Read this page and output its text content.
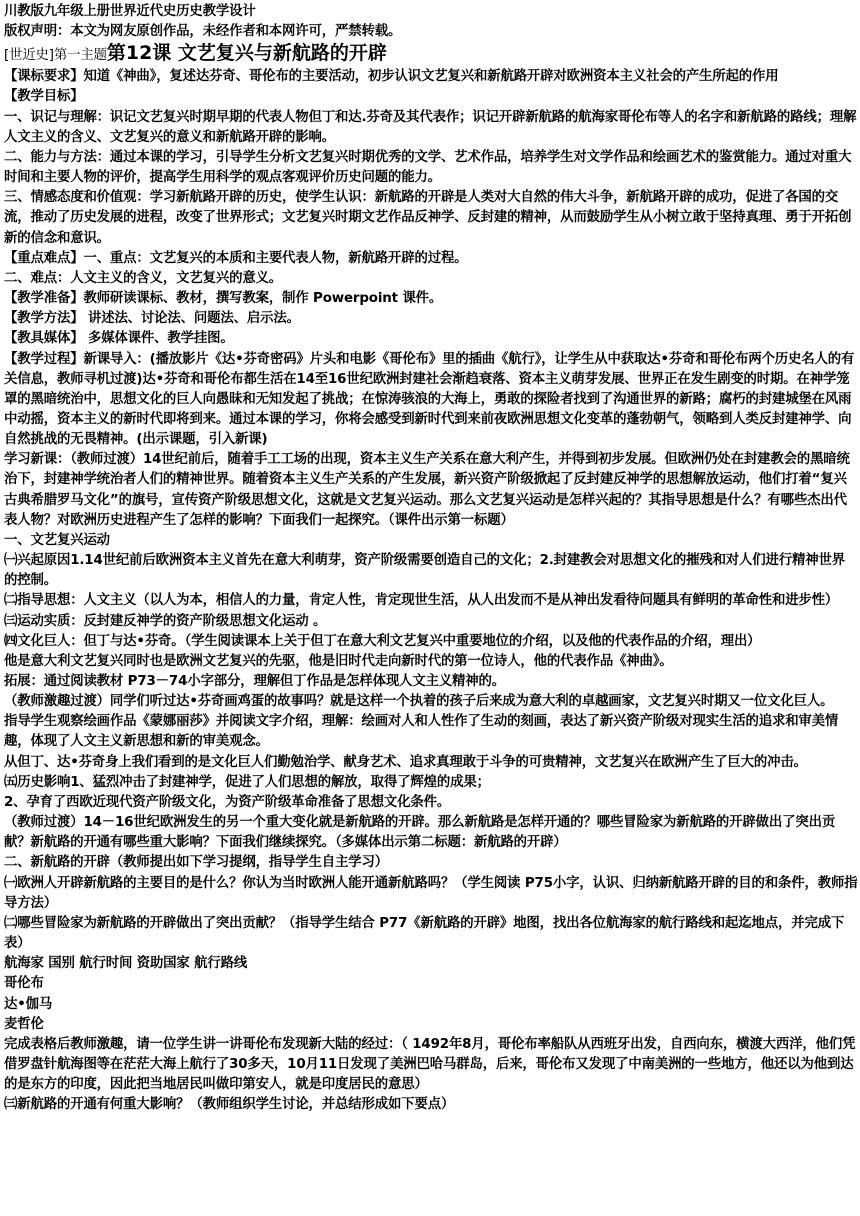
川教版九年级上册世界近代史历史教学设计
版权声明：本文为网友原创作品，未经作者和本网许可，严禁转载。
[世近史]第一主题第12课 文艺复兴与新航路的开辟
【课标要求】知道《神曲》，复述达芬奇、哥伦布的主要活动，初步认识文艺复兴和新航路开辟对欧洲资本主义社会的产生所起的作用
【教学目标】
一、识记与理解：识记文艺复兴时期早期的代表人物但丁和达.芬奇及其代表作；识记开辟新航路的航海家哥伦布等人的名字和新航路的路线；理解人文主义的含义、文艺复兴的意义和新航路开辟的影响。
二、能力与方法：通过本课的学习，引导学生分析文艺复兴时期优秀的文学、艺术作品，培养学生对文学作品和绘画艺术的鉴赏能力。通过对重大时间和主要人物的评价，提高学生用科学的观点客观评价历史问题的能力。
三、情感态度和价值观：学习新航路开辟的历史，使学生认识：新航路的开辟是人类对大自然的伟大斗争，新航路开辟的成功，促进了各国的交流，推动了历史发展的进程，改变了世界形式；文艺复兴时期文艺作品反神学、反封建的精神，从而鼓励学生从小树立敢于坚持真理、勇于开拓创新的信念和意识。
【重点难点】一、重点：文艺复兴的本质和主要代表人物，新航路开辟的过程。
二、难点：人文主义的含义，文艺复兴的意义。
【教学准备】教师研读课标、教材，撰写教案，制作 Powerpoint 课件。
【教学方法】 讲述法、讨论法、问题法、启示法。
【教具媒体】 多媒体课件、教学挂图。
【教学过程】新课导入：(播放影片《达•芬奇密码》片头和电影《哥伦布》里的插曲《航行》，让学生从中获取达•芬奇和哥伦布两个历史名人的有关信息，教师寻机过渡)达•芬奇和哥伦布都生活在14至16世纪欧洲封建社会渐趋衰落、资本主义萌芽发展、世界正在发生剧变的时期。在神学笼罩的黑暗统治中，思想文化的巨人向愚昧和无知发起了挑战；在惊涛骇浪的大海上，勇敢的探险者找到了沟通世界的新路；腐朽的封建城堡在风雨中动摇，资本主义的新时代即将到来。通过本课的学习，你将会感受到新时代到来前夜欧洲思想文化变革的蓬勃朝气，领略到人类反封建神学、向自然挑战的无畏精神。(出示课题，引入新课)
学习新课：（教师过渡）14世纪前后，随着手工工场的出现，资本主义生产关系在意大利产生，并得到初步发展。但欧洲仍处在封建教会的黑暗统治下，封建神学统治者人们的精神世界。随着资本主义生产关系的产生发展，新兴资产阶级掀起了反封建反神学的思想解放运动，他们打着“复兴古典希腊罗马文化”的旗号，宣传资产阶级思想文化，这就是文艺复兴运动。那么文艺复兴运动是怎样兴起的？其指导思想是什么？有哪些杰出代表人物？对欧洲历史进程产生了怎样的影响？下面我们一起探究。（课件出示第一标题）
一、文艺复兴运动
㈠兴起原因1.14世纪前后欧洲资本主义首先在意大利萌芽，资产阶级需要创造自己的文化；2.封建教会对思想文化的摧残和对人们进行精神世界的控制。
㈡指导思想：人文主义（以人为本，相信人的力量，肯定人性，肯定现世生活，从人出发而不是从神出发看待问题具有鲜明的革命性和进步性）
㈢运动实质：反封建反神学的资产阶级思想文化运动 。
㈣文化巨人：但丁与达•芬奇。（学生阅读课本上关于但丁在意大利文艺复兴中重要地位的介绍，以及他的代表作品的介绍，理出）
他是意大利文艺复兴同时也是欧洲文艺复兴的先驱，他是旧时代走向新时代的第一位诗人，他的代表作品《神曲》。
拓展：通过阅读教材 P73－74小字部分，理解但丁作品是怎样体现人文主义精神的。
（教师激趣过渡）同学们听过达•芬奇画鸡蛋的故事吗？就是这样一个执着的孩子后来成为意大利的卓越画家，文艺复兴时期又一位文化巨人。
指导学生观察绘画作品《蒙娜丽莎》并阅读文字介绍，理解：绘画对人和人性作了生动的刻画，表达了新兴资产阶级对现实生活的追求和审美情趣，体现了人文主义新思想和新的审美观念。
从但丁、达•芬奇身上我们看到的是文化巨人们勤勉治学、献身艺术、追求真理敢于斗争的可贵精神，文艺复兴在欧洲产生了巨大的冲击。
㈤历史影响1、猛烈冲击了封建神学，促进了人们思想的解放，取得了辉煌的成果；
2、孕育了西欧近现代资产阶级文化，为资产阶级革命准备了思想文化条件。
（教师过渡）14－16世纪欧洲发生的另一个重大变化就是新航路的开辟。那么新航路是怎样开通的？哪些冒险家为新航路的开辟做出了突出贡献？新航路的开通有哪些重大影响？下面我们继续探究。（多媒体出示第二标题：新航路的开辟）
二、新航路的开辟（教师提出如下学习提纲，指导学生自主学习）
㈠欧洲人开辟新航路的主要目的是什么？你认为当时欧洲人能开通新航路吗？（学生阅读 P75小字，认识、归纳新航路开辟的目的和条件，教师指导方法）
㈡哪些冒险家为新航路的开辟做出了突出贡献？（指导学生结合 P77《新航路的开辟》地图，找出各位航海家的航行路线和起迄地点，并完成下表）
航海家 国别 航行时间 资助国家 航行路线
哥伦布
达•伽马
麦哲伦
完成表格后教师激趣，请一位学生讲一讲哥伦布发现新大陆的经过：（ 1492年8月，哥伦布率船队从西班牙出发，自西向东，横渡大西洋，他们凭借罗盘针航海图等在茫茫大海上航行了30多天，10月11日发现了美洲巴哈马群岛，后来，哥伦布又发现了中南美洲的一些地方，他还以为他到达的是东方的印度，因此把当地居民叫做印第安人，就是印度居民的意思）
㈢新航路的开通有何重大影响？（教师组织学生讨论，并总结形成如下要点）
